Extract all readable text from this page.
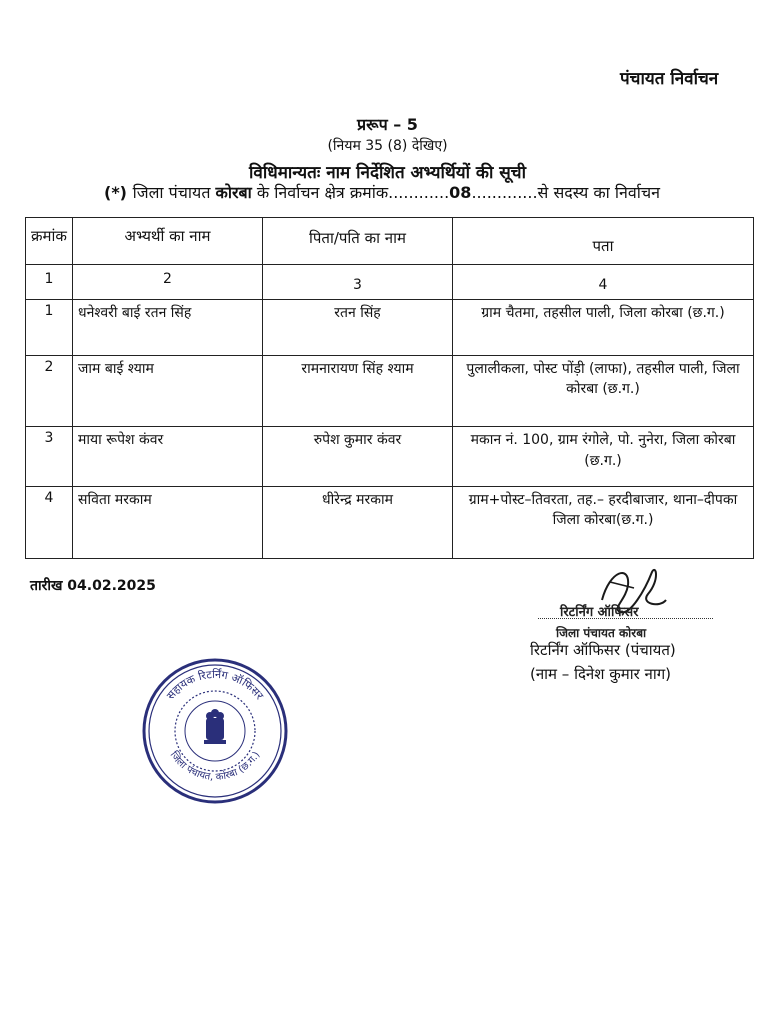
पंचायत निर्वाचन
प्ररूप – 5
(नियम 35 (8) देखिए)
विधिमान्यतः नाम निर्देशित अभ्यर्थियों की सूची
(*) जिला पंचायत कोरबा के निर्वाचन क्षेत्र क्रमांक............08.............से सदस्य का निर्वाचन
क्रमांक	अभ्यर्थी का नाम	पिता/पति का नाम	पता
1	2	3	4
1	धनेश्वरी बाई रतन सिंह	रतन सिंह	ग्राम चैतमा, तहसील पाली, जिला कोरबा (छ.ग.)
2	जाम बाई श्याम	रामनारायण सिंह श्याम	पुलालीकला, पोस्ट पोंड़ी (लाफा), तहसील पाली, जिला कोरबा (छ.ग.)
3	माया रूपेश कंवर	रुपेश कुमार कंवर	मकान नं. 100, ग्राम रंगोले, पो. नुनेरा, जिला कोरबा (छ.ग.)
4	सविता मरकाम	धीरेन्द्र मरकाम	ग्राम+पोस्ट–तिवरता, तह.– हरदीबाजार, थाना–दीपका जिला कोरबा(छ.ग.)
तारीख 04.02.2025
रिटर्निंग ऑफिसर
जिला पंचायत कोरबा
रिटर्निंग ऑफिसर (पंचायत)
(नाम – दिनेश कुमार नाग)
सहायक रिटर्निंग ऑफिसर
जिला पंचायत, कोरबा (छ.ग.)
